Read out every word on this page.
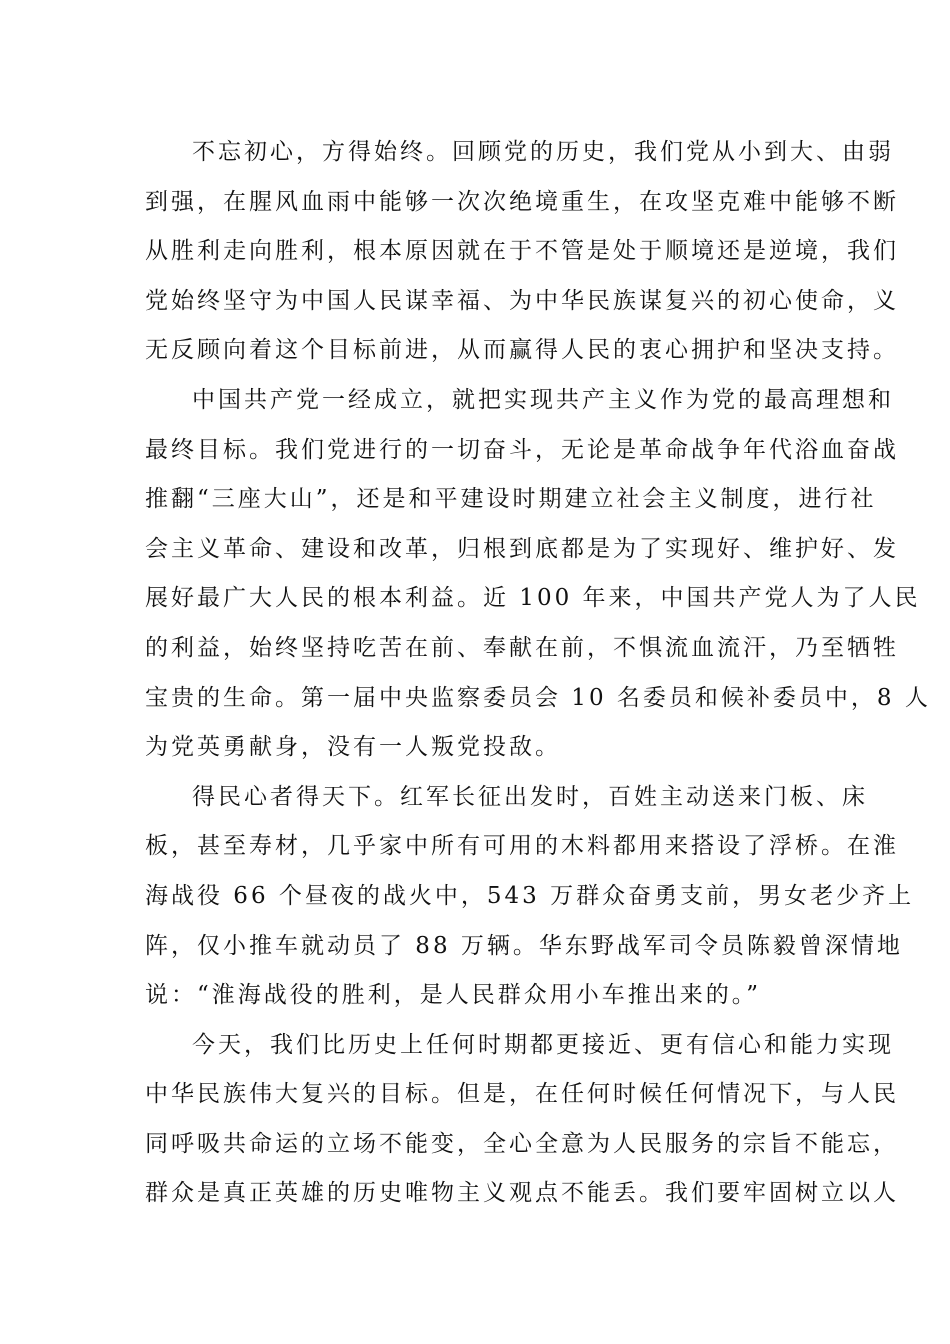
不忘初心，方得始终。回顾党的历史，我们党从小到大、由弱
到强，在腥风血雨中能够一次次绝境重生，在攻坚克难中能够不断
从胜利走向胜利，根本原因就在于不管是处于顺境还是逆境，我们
党始终坚守为中国人民谋幸福、为中华民族谋复兴的初心使命，义
无反顾向着这个目标前进，从而赢得人民的衷心拥护和坚决支持。
中国共产党一经成立，就把实现共产主义作为党的最高理想和
最终目标。我们党进行的一切奋斗，无论是革命战争年代浴血奋战
推翻“三座大山”，还是和平建设时期建立社会主义制度，进行社
会主义革命、建设和改革，归根到底都是为了实现好、维护好、发
展好最广大人民的根本利益。近 100 年来，中国共产党人为了人民
的利益，始终坚持吃苦在前、奉献在前，不惧流血流汗，乃至牺牲
宝贵的生命。第一届中央监察委员会 10 名委员和候补委员中，8 人
为党英勇献身，没有一人叛党投敌。
得民心者得天下。红军长征出发时，百姓主动送来门板、床
板，甚至寿材，几乎家中所有可用的木料都用来搭设了浮桥。在淮
海战役 66 个昼夜的战火中，543 万群众奋勇支前，男女老少齐上
阵，仅小推车就动员了 88 万辆。华东野战军司令员陈毅曾深情地
说：“淮海战役的胜利，是人民群众用小车推出来的。”
今天，我们比历史上任何时期都更接近、更有信心和能力实现
中华民族伟大复兴的目标。但是，在任何时候任何情况下，与人民
同呼吸共命运的立场不能变，全心全意为人民服务的宗旨不能忘，
群众是真正英雄的历史唯物主义观点不能丢。我们要牢固树立以人
